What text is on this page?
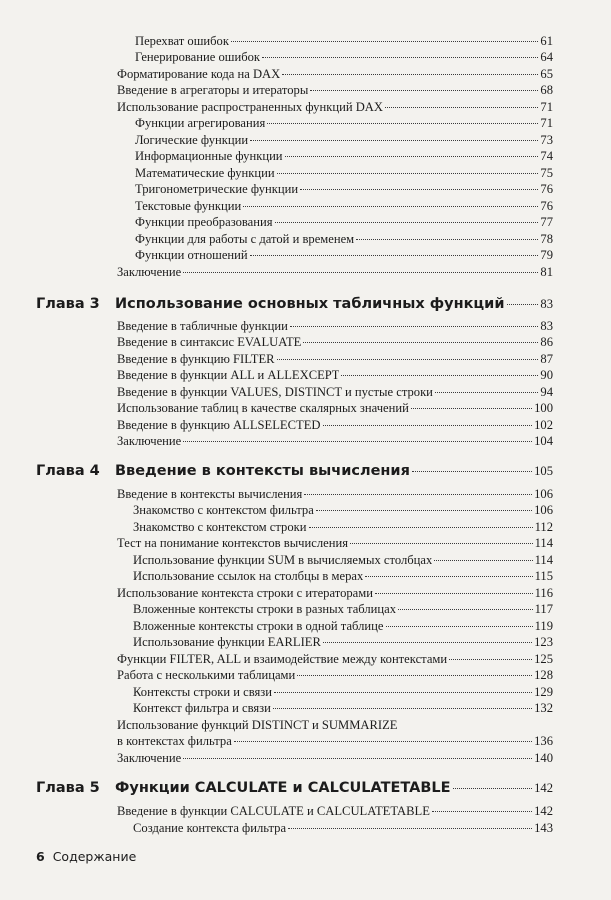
Перехват ошибок	61
Генерирование ошибок	64
Форматирование кода на DAX	65
Введение в агрегаторы и итераторы	68
Использование распространенных функций DAX	71
Функции агрегирования	71
Логические функции	73
Информационные функции	74
Математические функции	75
Тригонометрические функции	76
Текстовые функции	76
Функции преобразования	77
Функции для работы с датой и временем	78
Функции отношений	79
Заключение	81
Глава 3	Использование основных табличных функций	83
Введение в табличные функции	83
Введение в синтаксис EVALUATE	86
Введение в функцию FILTER	87
Введение в функции ALL и ALLEXCEPT	90
Введение в функции VALUES, DISTINCT и пустые строки	94
Использование таблиц в качестве скалярных значений	100
Введение в функцию ALLSELECTED	102
Заключение	104
Глава 4	Введение в контексты вычисления	105
Введение в контексты вычисления	106
Знакомство с контекстом фильтра	106
Знакомство с контекстом строки	112
Тест на понимание контекстов вычисления	114
Использование функции SUM в вычисляемых столбцах	114
Использование ссылок на столбцы в мерах	115
Использование контекста строки с итераторами	116
Вложенные контексты строки в разных таблицах	117
Вложенные контексты строки в одной таблице	119
Использование функции EARLIER	123
Функции FILTER, ALL и взаимодействие между контекстами	125
Работа с несколькими таблицами	128
Контексты строки и связи	129
Контекст фильтра и связи	132
Использование функций DISTINCT и SUMMARIZE
в контекстах фильтра	136
Заключение	140
Глава 5	Функции CALCULATE и CALCULATETABLE	142
Введение в функции CALCULATE и CALCULATETABLE	142
Создание контекста фильтра	143
6 Содержание
